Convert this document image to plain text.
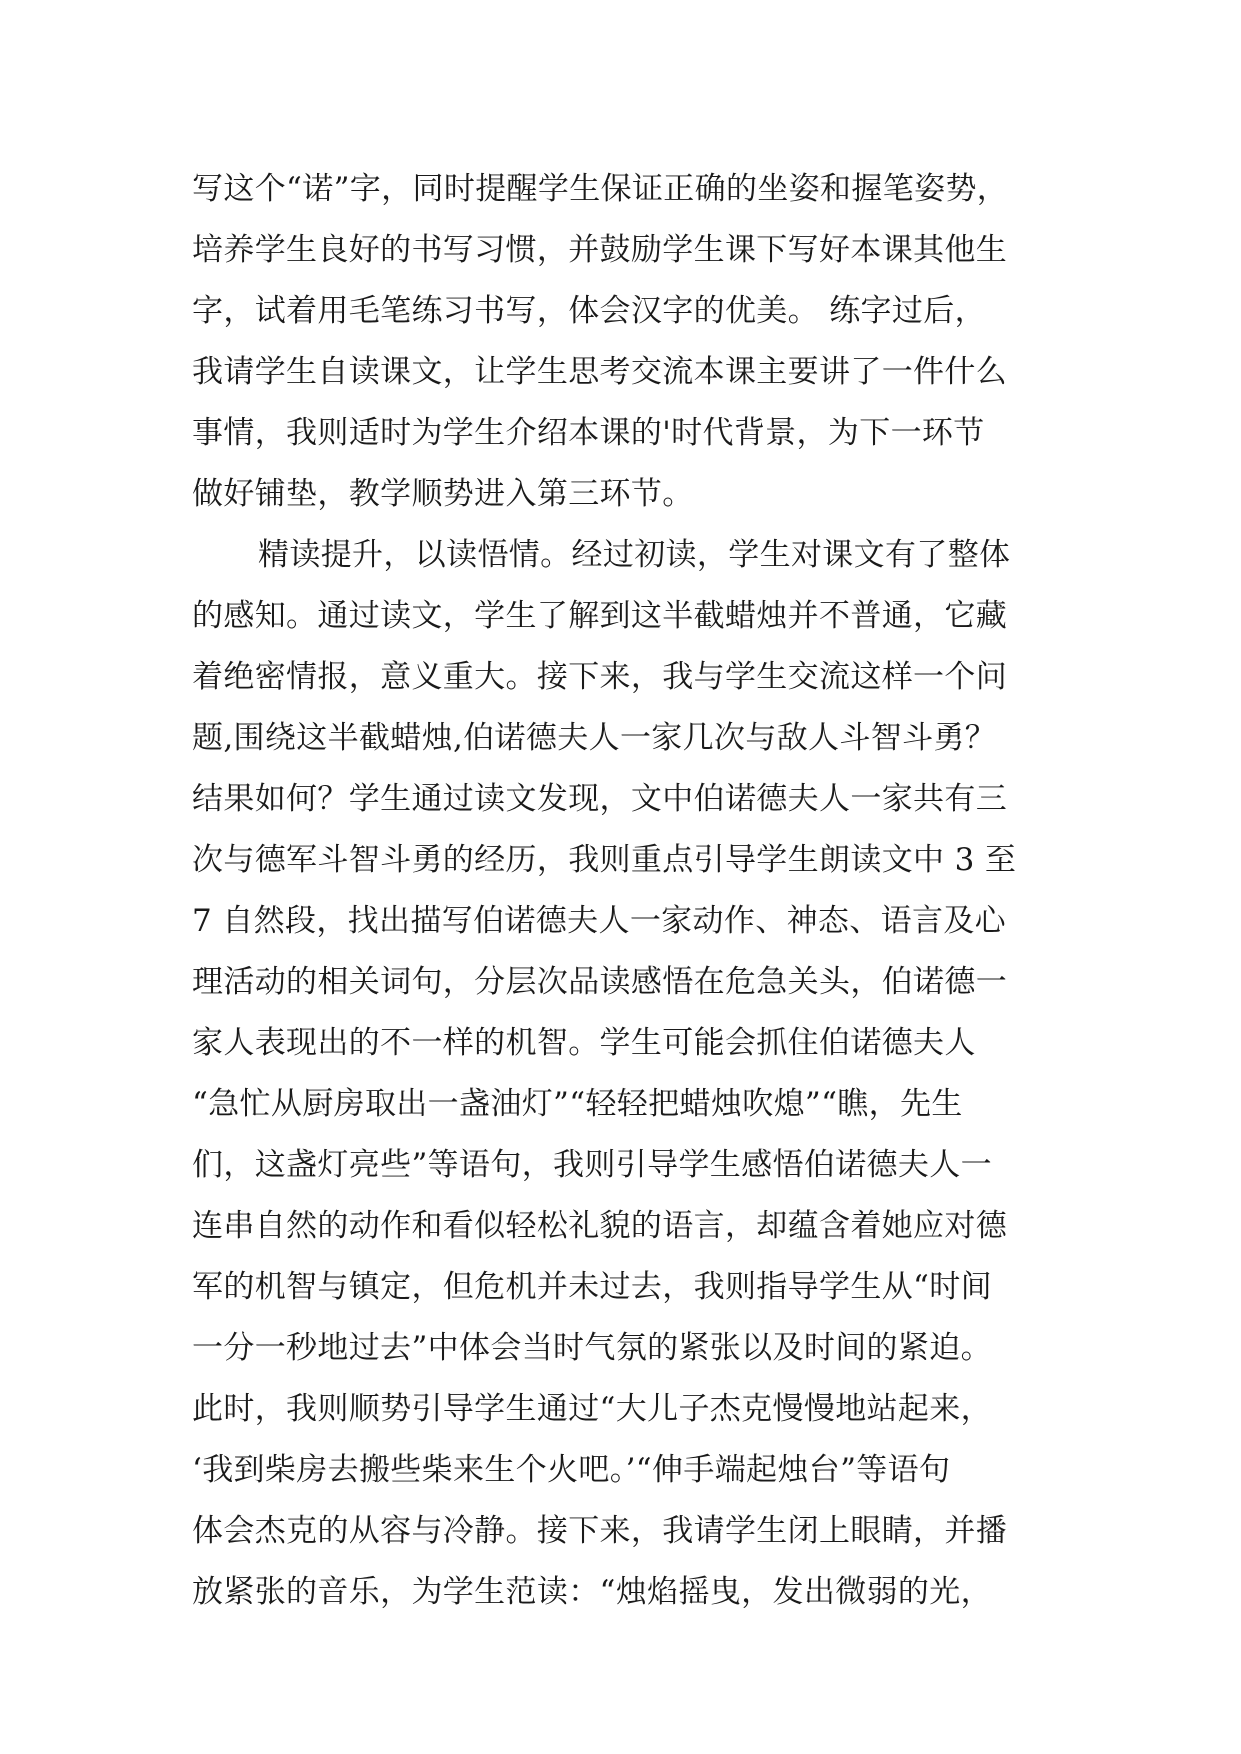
写这个“诺”字，同时提醒学生保证正确的坐姿和握笔姿势，
培养学生良好的书写习惯，并鼓励学生课下写好本课其他生
字，试着用毛笔练习书写，体会汉字的优美。 练字过后，
我请学生自读课文，让学生思考交流本课主要讲了一件什么
事情，我则适时为学生介绍本课的'时代背景，为下一环节
做好铺垫，教学顺势进入第三环节。
精读提升，以读悟情。经过初读，学生对课文有了整体
的感知。通过读文，学生了解到这半截蜡烛并不普通，它藏
着绝密情报，意义重大。接下来，我与学生交流这样一个问
题,围绕这半截蜡烛,伯诺德夫人一家几次与敌人斗智斗勇？
结果如何？学生通过读文发现，文中伯诺德夫人一家共有三
次与德军斗智斗勇的经历，我则重点引导学生朗读文中 3 至
7 自然段，找出描写伯诺德夫人一家动作、神态、语言及心
理活动的相关词句，分层次品读感悟在危急关头，伯诺德一
家人表现出的不一样的机智。学生可能会抓住伯诺德夫人
“急忙从厨房取出一盏油灯”“轻轻把蜡烛吹熄”“瞧，先生
们，这盏灯亮些”等语句，我则引导学生感悟伯诺德夫人一
连串自然的动作和看似轻松礼貌的语言，却蕴含着她应对德
军的机智与镇定，但危机并未过去，我则指导学生从“时间
一分一秒地过去”中体会当时气氛的紧张以及时间的紧迫。
此时，我则顺势引导学生通过“大儿子杰克慢慢地站起来，
‘我到柴房去搬些柴来生个火吧。’“伸手端起烛台”等语句
体会杰克的从容与冷静。接下来，我请学生闭上眼睛，并播
放紧张的音乐，为学生范读：“烛焰摇曳，发出微弱的光，
